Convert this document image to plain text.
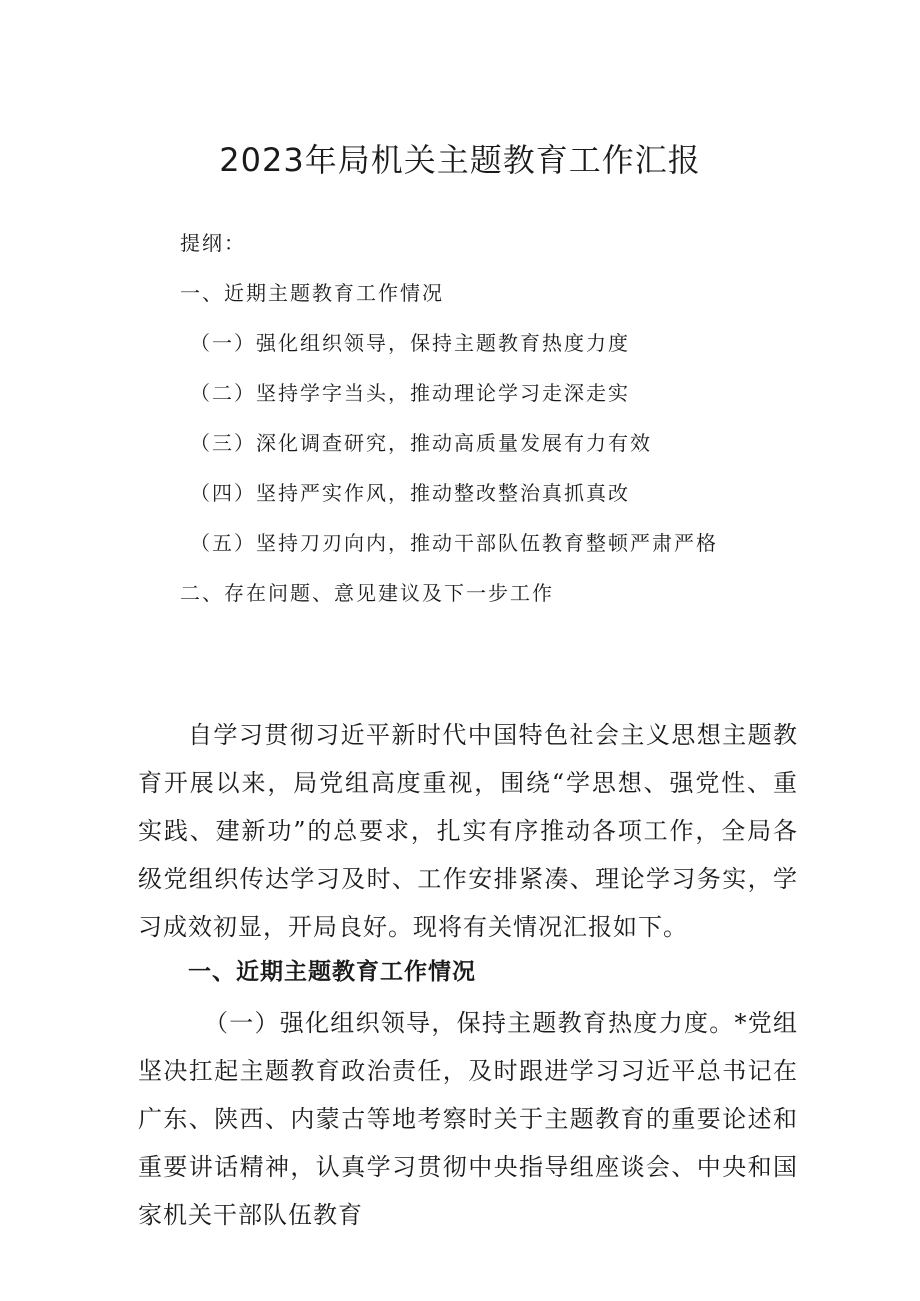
2023年局机关主题教育工作汇报
提纲：
一、近期主题教育工作情况
（一）强化组织领导，保持主题教育热度力度
（二）坚持学字当头，推动理论学习走深走实
（三）深化调查研究，推动高质量发展有力有效
（四）坚持严实作风，推动整改整治真抓真改
（五）坚持刀刃向内，推动干部队伍教育整顿严肃严格
二、存在问题、意见建议及下一步工作

自学习贯彻习近平新时代中国特色社会主义思想主题教育开展以来，局党组高度重视，围绕“学思想、强党性、重实践、建新功”的总要求，扎实有序推动各项工作，全局各级党组织传达学习及时、工作安排紧凑、理论学习务实，学习成效初显，开局良好。现将有关情况汇报如下。

一、近期主题教育工作情况

（一）强化组织领导，保持主题教育热度力度。*党组坚决扛起主题教育政治责任，及时跟进学习习近平总书记在广东、陕西、内蒙古等地考察时关于主题教育的重要论述和重要讲话精神，认真学习贯彻中央指导组座谈会、中央和国家机关干部队伍教育
